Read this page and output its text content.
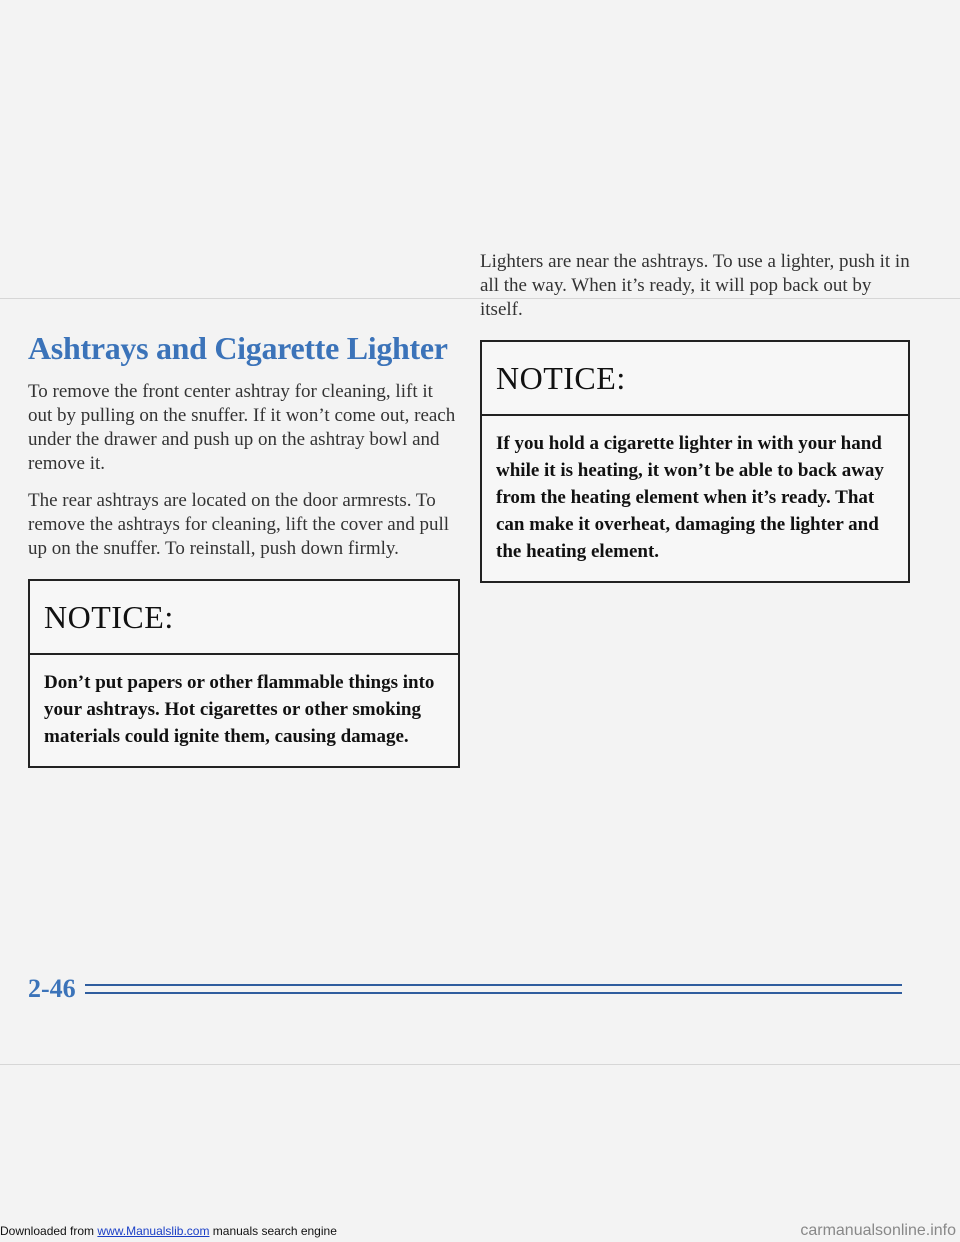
Ashtrays and Cigarette Lighter

To remove the front center ashtray for cleaning, lift it out by pulling on the snuffer. If it won’t come out, reach under the drawer and push up on the ashtray bowl and remove it.

The rear ashtrays are located on the door armrests. To remove the ashtrays for cleaning, lift the cover and pull up on the snuffer. To reinstall, push down firmly.

NOTICE:
Don’t put papers or other flammable things into your ashtrays. Hot cigarettes or other smoking materials could ignite them, causing damage.

Lighters are near the ashtrays. To use a lighter, push it in all the way. When it’s ready, it will pop back out by itself.

NOTICE:
If you hold a cigarette lighter in with your hand while it is heating, it won’t be able to back away from the heating element when it’s ready. That can make it overheat, damaging the lighter and the heating element.
2-46
Downloaded from www.Manualslib.com manuals search engine	carmanualsonline.info
